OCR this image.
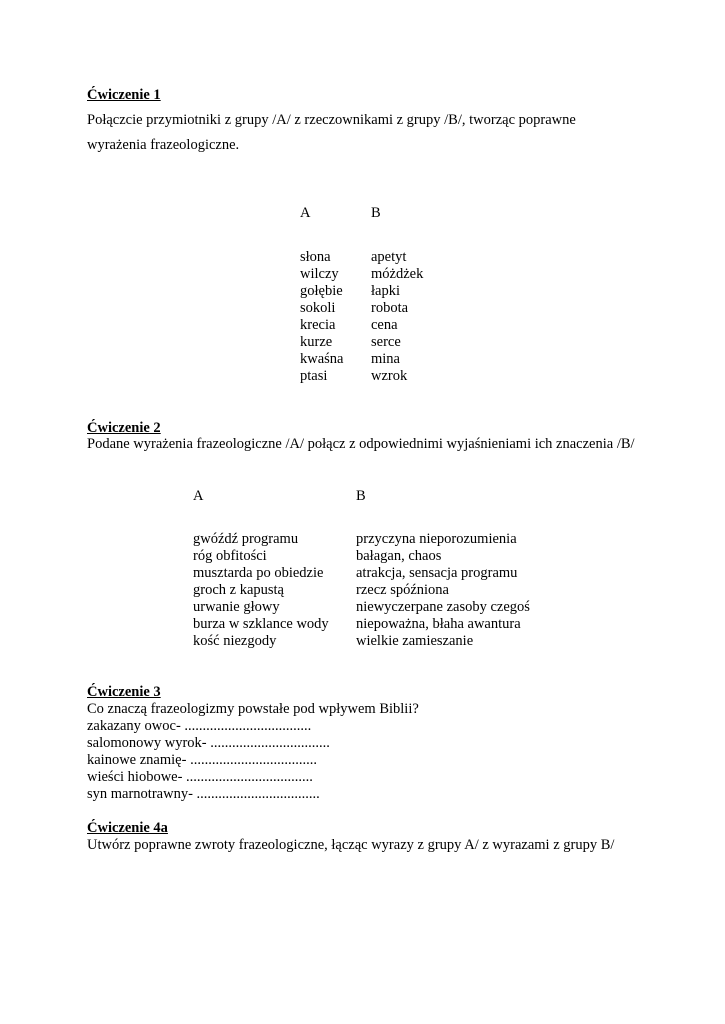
Ćwiczenie 1
Połączcie przymiotniki z grupy /A/ z rzeczownikami z grupy /B/, tworząc poprawne
wyrażenia frazeologiczne.
A	B
słona
wilczy
gołębie
sokoli
krecia
kurze
kwaśna
ptasi
apetyt
móżdżek
łapki
robota
cena
serce
mina
wzrok
Ćwiczenie 2
Podane wyrażenia frazeologiczne /A/ połącz z odpowiednimi wyjaśnieniami ich znaczenia /B/
A	B
gwóźdź programu
róg obfitości
musztarda po obiedzie
groch z kapustą
urwanie głowy
burza w szklance wody
kość niezgody
przyczyna nieporozumienia
bałagan, chaos
atrakcja, sensacja programu
rzecz spóźniona
niewyczerpane zasoby czegoś
niepoważna, błaha awantura
wielkie zamieszanie
Ćwiczenie 3
Co znaczą frazeologizmy powstałe pod wpływem Biblii?
zakazany owoc- ...................................
salomonowy wyrok- .................................
kainowe znamię- ...................................
wieści hiobowe- ...................................
syn marnotrawny- ..................................
Ćwiczenie 4a
Utwórz poprawne zwroty frazeologiczne, łącząc wyrazy z grupy A/ z wyrazami z grupy B/
